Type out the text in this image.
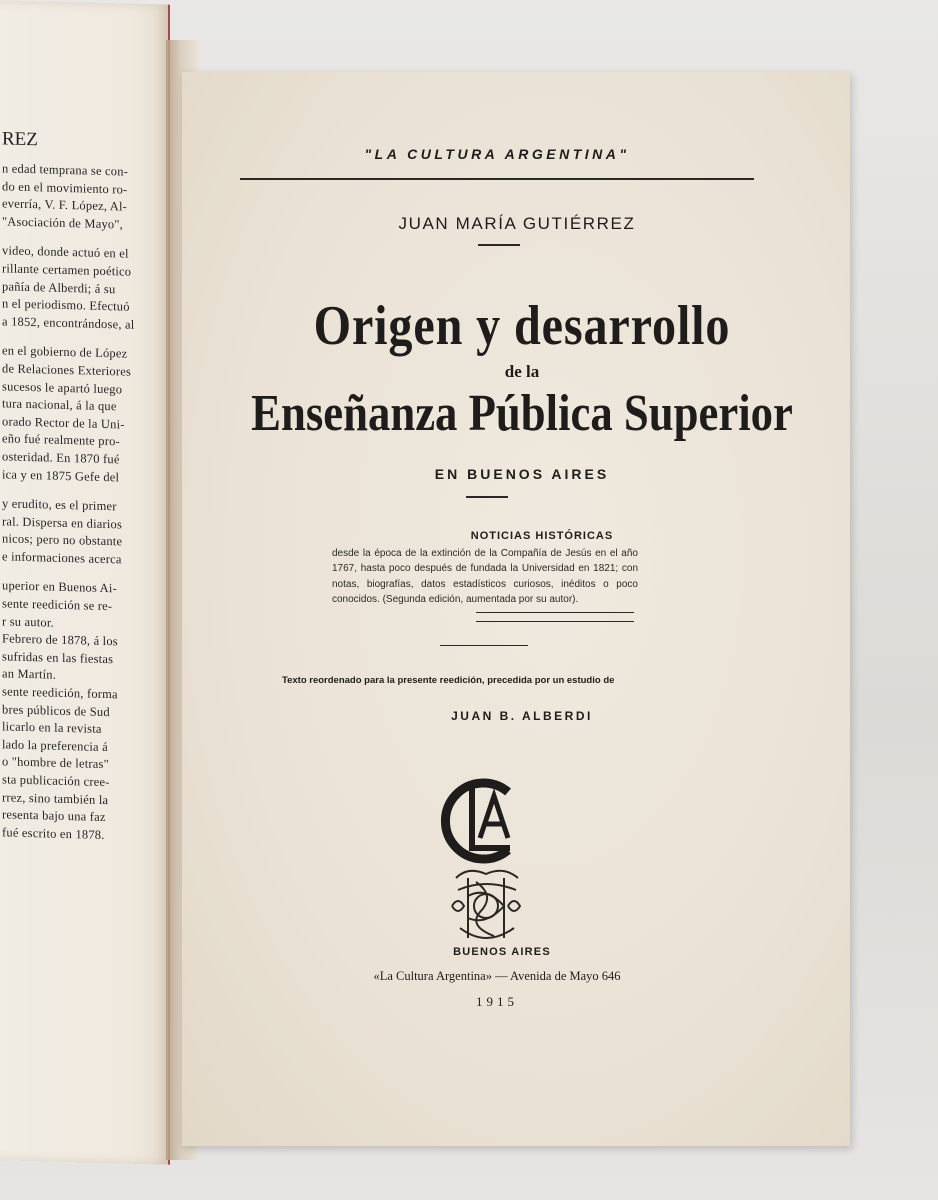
REZ
n edad temprana se con-
do en el movimiento ro-
everría, V. F. López, Al-
"Asociación de Mayo",
video, donde actuó en el
rillante certamen poético
pañía de Alberdi; á su
n el periodismo. Efectuó
a 1852, encontrándose, al
en el gobierno de López
de Relaciones Exteriores
sucesos le apartó luego
tura nacional, á la que
orado Rector de la Uni-
eño fué realmente pro-
osteridad. En 1870 fué
ica y en 1875 Gefe del
y erudito, es el primer
ral. Dispersa en diarios
nicos; pero no obstante
e informaciones acerca
uperior en Buenos Ai-
sente reedición se re-
r su autor.
Febrero de 1878, á los
sufridas en las fiestas
an Martín.
sente reedición, forma
bres públicos de Sud
licarlo en la revista
lado la preferencia á
o "hombre de letras"
sta publicación cree-
rrez, sino también la
resenta bajo una faz
fué escrito en 1878.
"LA CULTURA ARGENTINA"
JUAN MARÍA GUTIÉRREZ
Origen y desarrollo
de la
Enseñanza Pública Superior
EN BUENOS AIRES
NOTICIAS HISTÓRICAS
desde la época de la extinción de la Compañía de Jesús en el año 1767, hasta poco después de fundada la Universidad en 1821; con notas, biografías, datos estadísticos curiosos, inéditos o poco conocidos. (Segunda edición, aumentada por su autor).
Texto reordenado para la presente reedición, precedida por un estudio de
JUAN B. ALBERDI
BUENOS AIRES
«La Cultura Argentina» — Avenida de Mayo 646
1915
